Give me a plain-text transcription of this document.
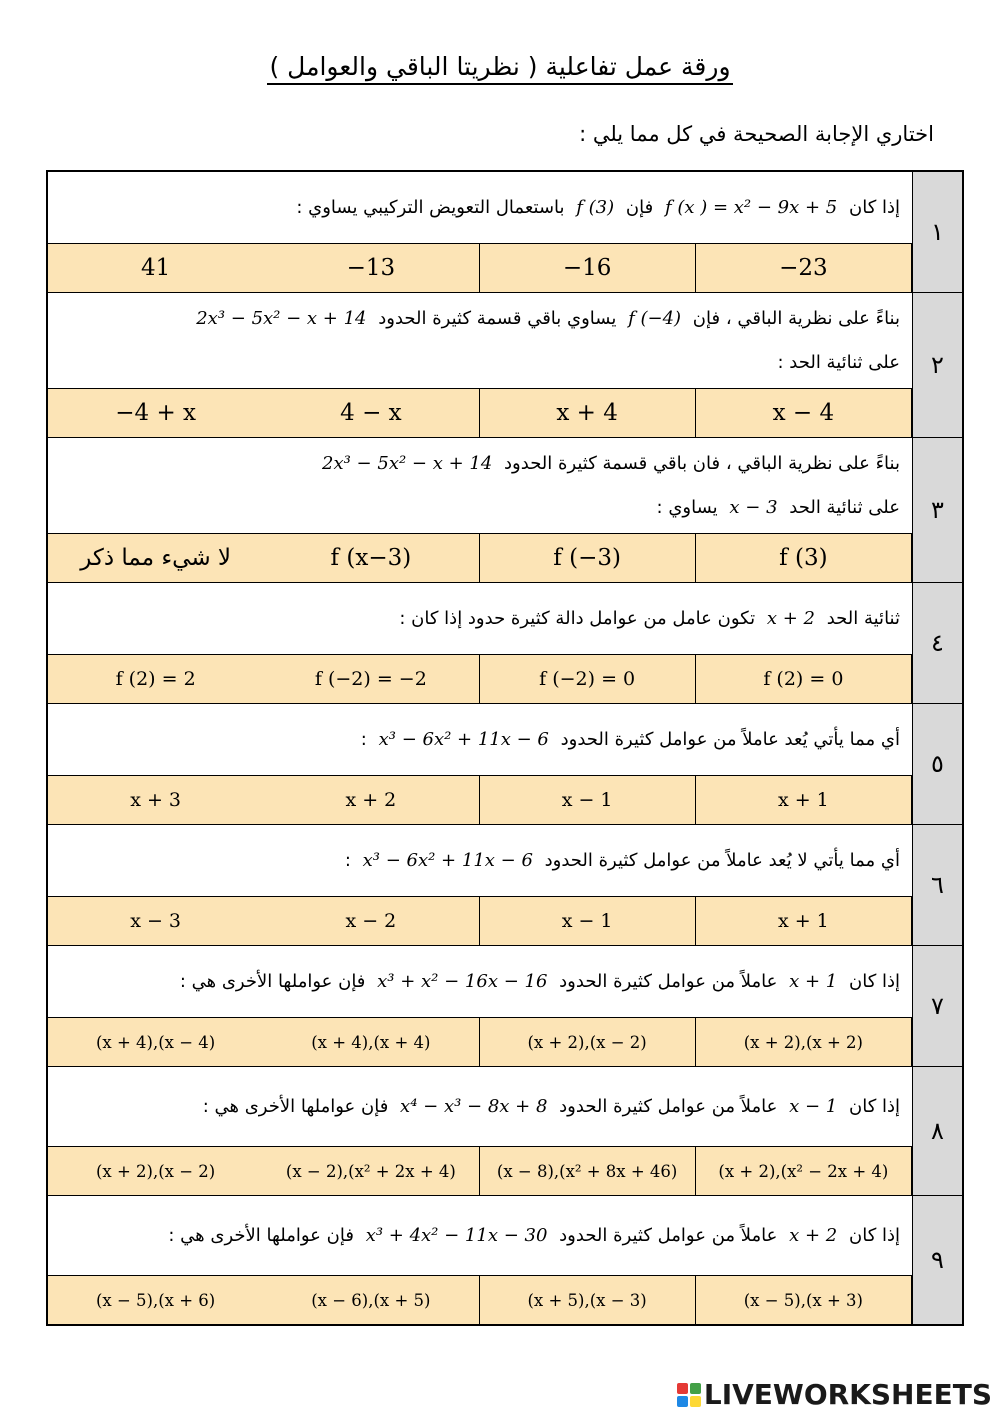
ورقة عمل تفاعلية ( نظريتا الباقي والعوامل )
اختاري الإجابة الصحيحة في كل مما يلي :
إذا كان f (x ) = x² − 9x + 5 فإن f (3) باستعمال التعويض التركيبي يساوي :
−23
−16
−13
41
١
بناءً على نظرية الباقي ، فإن f (−4) يساوي باقي قسمة كثيرة الحدود 2x³ − 5x² − x + 14
على ثنائية الحد :
x − 4
x + 4
4 − x
−4 + x
٢
بناءً على نظرية الباقي ، فان باقي قسمة كثيرة الحدود 2x³ − 5x² − x + 14
على ثنائية الحد x − 3 يساوي :
f (3)
f (−3)
f (x−3)
لا شيء مما ذكر
٣
ثنائية الحد x + 2 تكون عامل من عوامل دالة كثيرة حدود إذا كان :
f (2) = 0
f (−2) = 0
f (−2) = −2
f (2) = 2
٤
أي مما يأتي يُعد عاملاً من عوامل كثيرة الحدود x³ − 6x² + 11x − 6 :
x + 1
x − 1
x + 2
x + 3
٥
أي مما يأتي لا يُعد عاملاً من عوامل كثيرة الحدود x³ − 6x² + 11x − 6 :
x + 1
x − 1
x − 2
x − 3
٦
إذا كان x + 1 عاملاً من عوامل كثيرة الحدود x³ + x² − 16x − 16 فإن عواملها الأخرى هي :
(x + 2),(x + 2)
(x + 2),(x − 2)
(x + 4),(x + 4)
(x + 4),(x − 4)
٧
إذا كان x − 1 عاملاً من عوامل كثيرة الحدود x⁴ − x³ − 8x + 8 فإن عواملها الأخرى هي :
(x + 2),(x² − 2x + 4)
(x − 8),(x² + 8x + 46)
(x − 2),(x² + 2x + 4)
(x + 2),(x − 2)
٨
إذا كان x + 2 عاملاً من عوامل كثيرة الحدود x³ + 4x² − 11x − 30 فإن عواملها الأخرى هي :
(x − 5),(x + 3)
(x + 5),(x − 3)
(x − 6),(x + 5)
(x − 5),(x + 6)
٩
LIVEWORKSHEETS
